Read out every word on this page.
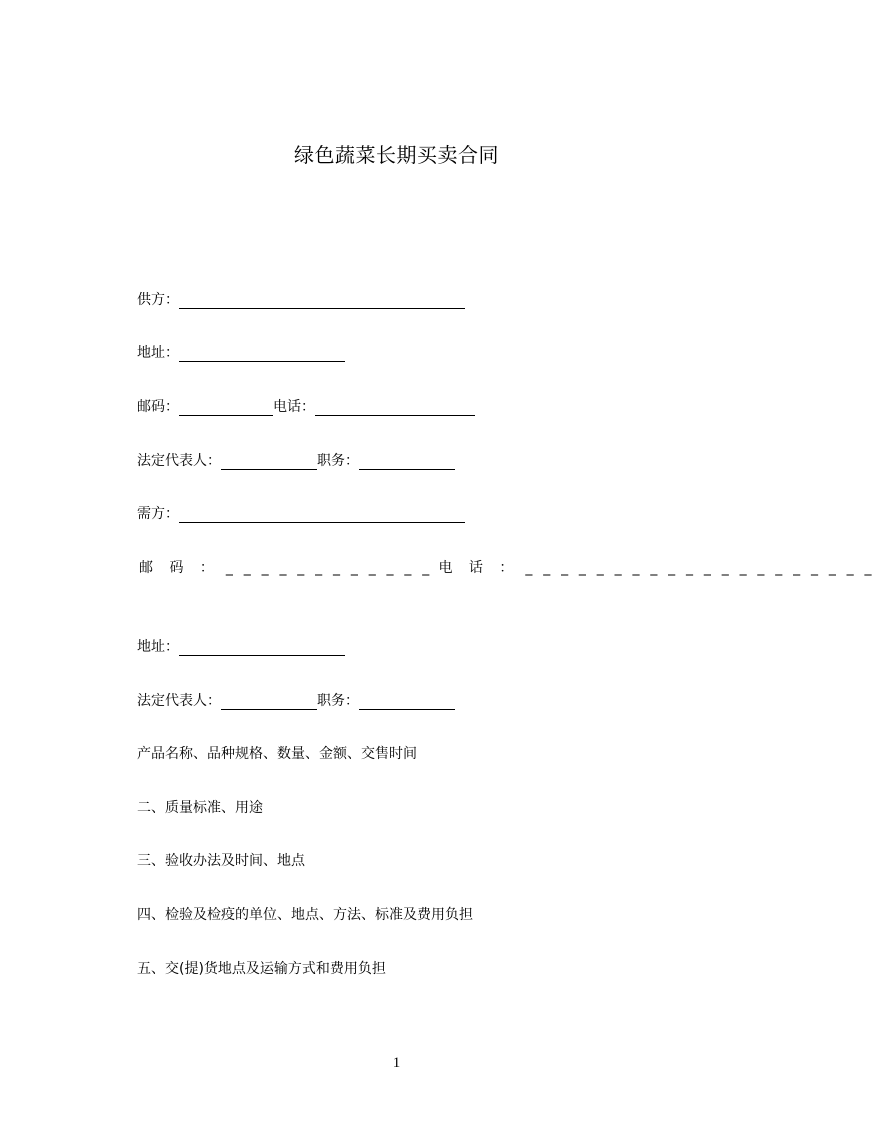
绿色蔬菜长期买卖合同
供方：
地址：
邮码：	电话：
法定代表人：	职务：
需方：
邮 码 ： _ _ _ _ _ _ _ _ _ _ _ _ 电 话 ： _ _ _ _ _ _ _ _ _ _ _ _ _ _ _ _ _ _ _ _
地址：
法定代表人：	职务：
产品名称、品种规格、数量、金额、交售时间
二、质量标准、用途
三、验收办法及时间、地点
四、检验及检疫的单位、地点、方法、标准及费用负担
五、交(提)货地点及运输方式和费用负担
1
